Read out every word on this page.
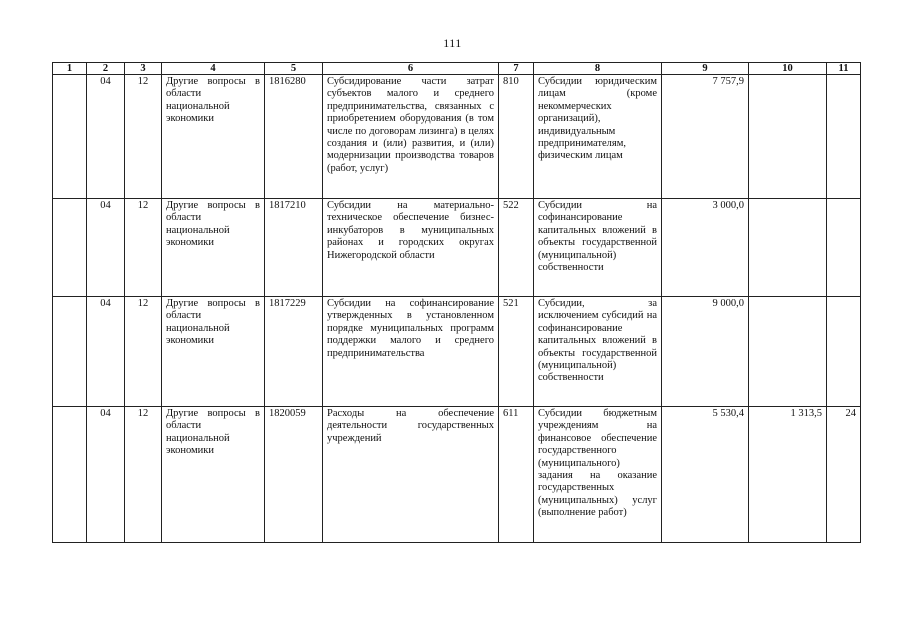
111
1	2	3	4	5	6	7	8	9	10	11
	04	12	Другие вопросы в области национальной экономики	1816280	Субсидирование части затрат субъектов малого и среднего предпринимательства, связанных с приобретением оборудования (в том числе по договорам лизинга) в целях создания и (или) развития, и (или) модернизации производства товаров (работ, услуг)	810	Субсидии юридическим лицам (кроме некоммерческих организаций), индивидуальным предпринимателям, физическим лицам	7 757,9		
	04	12	Другие вопросы в области национальной экономики	1817210	Субсидии на материально-техническое обеспечение бизнес-инкубаторов в муниципальных районах и городских округах Нижегородской области	522	Субсидии на софинансирование капитальных вложений в объекты государственной (муниципальной) собственности	3 000,0		
	04	12	Другие вопросы в области национальной экономики	1817229	Субсидии на софинансирование утвержденных в установленном порядке муниципальных программ поддержки малого и среднего предпринимательства	521	Субсидии, за исключением субсидий на софинансирование капитальных вложений в объекты государственной (муниципальной) собственности	9 000,0		
	04	12	Другие вопросы в области национальной экономики	1820059	Расходы на обеспечение деятельности государственных учреждений	611	Субсидии бюджетным учреждениям на финансовое обеспечение государственного (муниципального) задания на оказание государственных (муниципальных) услуг (выполнение работ)	5 530,4	1 313,5	24
